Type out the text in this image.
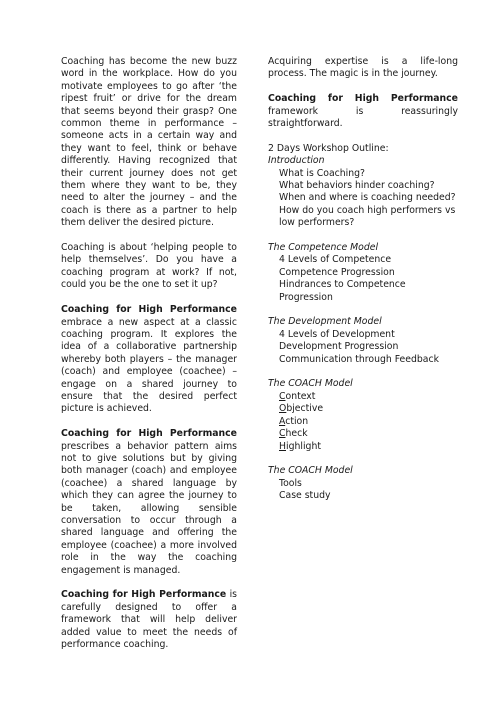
Coaching has become the new buzz word in the workplace. How do you motivate employees to go after ‘the ripest fruit’ or drive for the dream that seems beyond their grasp? One common theme in performance – someone acts in a certain way and they want to feel, think or behave differently. Having recognized that their current journey does not get them where they want to be, they need to alter the journey – and the coach is there as a partner to help them deliver the desired picture.

Coaching is about ‘helping people to help themselves’. Do you have a coaching program at work? If not, could you be the one to set it up?

Coaching for High Performance embrace a new aspect at a classic coaching program. It explores the idea of a collaborative partnership whereby both players – the manager (coach) and employee (coachee) – engage on a shared journey to ensure that the desired perfect picture is achieved.

Coaching for High Performance prescribes a behavior pattern aims not to give solutions but by giving both manager (coach) and employee (coachee) a shared language by which they can agree the journey to be taken, allowing sensible conversation to occur through a shared language and offering the employee (coachee) a more involved role in the way the coaching engagement is managed.

Coaching for High Performance is carefully designed to offer a framework that will help deliver added value to meet the needs of performance coaching.

Acquiring expertise is a life-long process. The magic is in the journey.

Coaching for High Performance framework is reassuringly straightforward.

2 Days Workshop Outline:

Introduction

What is Coaching?
What behaviors hinder coaching?
When and where is coaching needed?
How do you coach high performers vs low performers?

The Competence Model

4 Levels of Competence
Competence Progression
Hindrances to Competence Progression

The Development Model

4 Levels of Development
Development Progression
Communication through Feedback

The COACH Model

Context
Objective
Action
Check
Highlight

The COACH Model

Tools
Case study
